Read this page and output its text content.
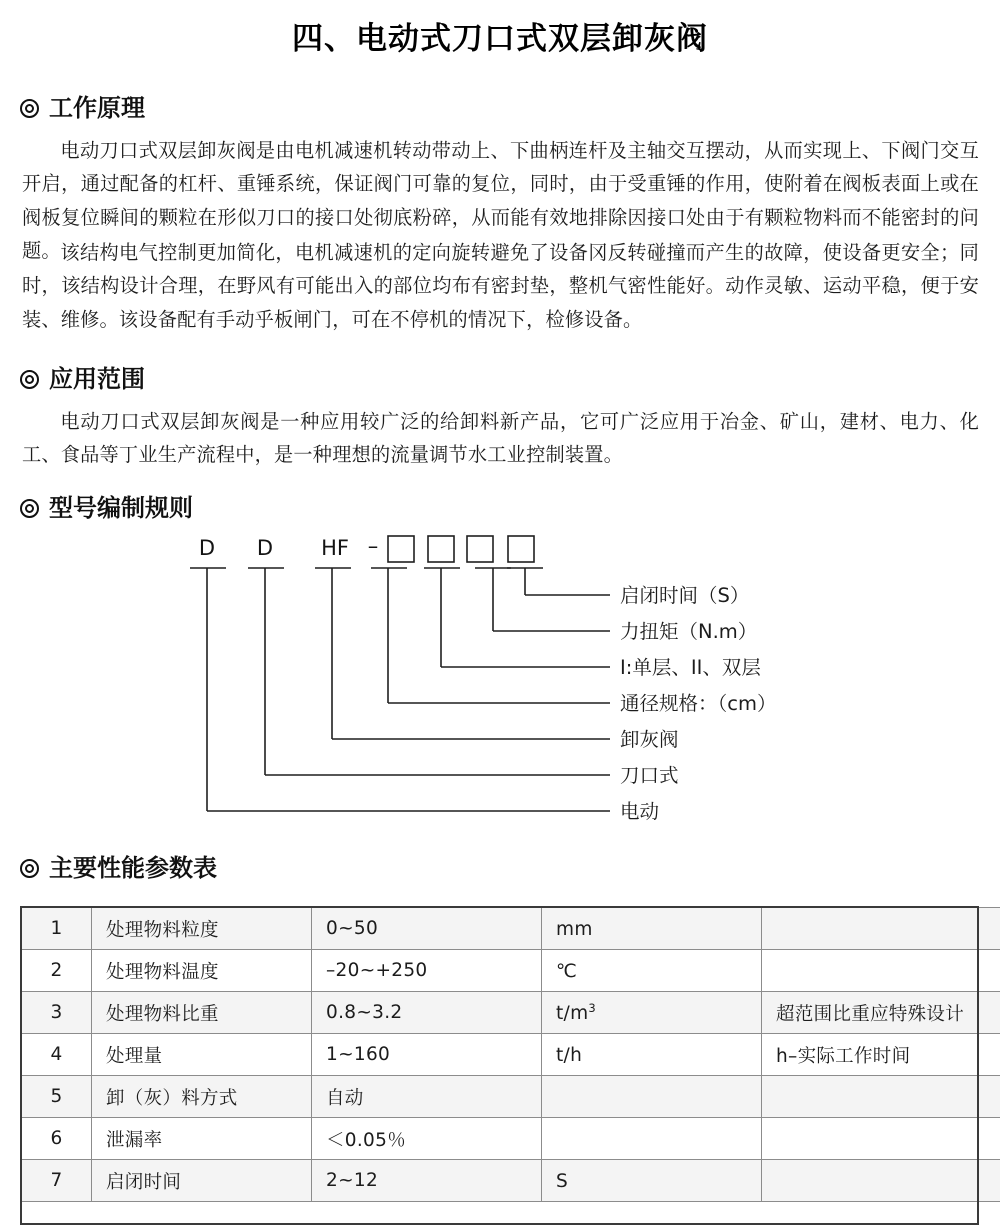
四、电动式刀口式双层卸灰阀
工作原理
电动刀口式双层卸灰阀是由电机减速机转动带动上、下曲柄连杆及主轴交互摆动，从而实现上、下阀门交互开启，通过配备的杠杆、重锤系统，保证阀门可靠的复位，同时，由于受重锤的作用，使附着在阀板表面上或在阀板复位瞬间的颗粒在形似刀口的接口处彻底粉碎，从而能有效地排除因接口处由于有颗粒物料而不能密封的问题。 该结构电气控制更加简化，电机减速机的定向旋转避免了设备冈反转碰撞而产生的故障，使设备更安全；同时，该结构设计合理，在野风有可能出入的部位均布有密封垫，整机气密性能好。动作灵敏、运动平稳，便于安装、维修。该设备配有手动乎板闸门，可在不停机的情况下，检修设备。
应用范围
电动刀口式双层卸灰阀是一种应用较广泛的给卸料新产品，它可广泛应用于冶金、矿山，建材、电力、化工、食品等丁业生产流程中，是一种理想的流量调节水工业控制装置。
型号编制规则
D D HF –
启闭时间（S）
力扭矩（N.m）
I:单层、II、双层
通径规格：（cm）
卸灰阀
刀口式
电动
主要性能参数表
1	处理物料粒度	0~50	mm	
2	处理物料温度	–20~+250	℃	
3	处理物料比重	0.8~3.2	$t/m^3$	超范围比重应特殊设计
4	处理量	1~160	t/h	h–实际工作时间
5	卸（灰）料方式	自动		
6	泄漏率	＜0.05％		
7	启闭时间	2~12	S	
